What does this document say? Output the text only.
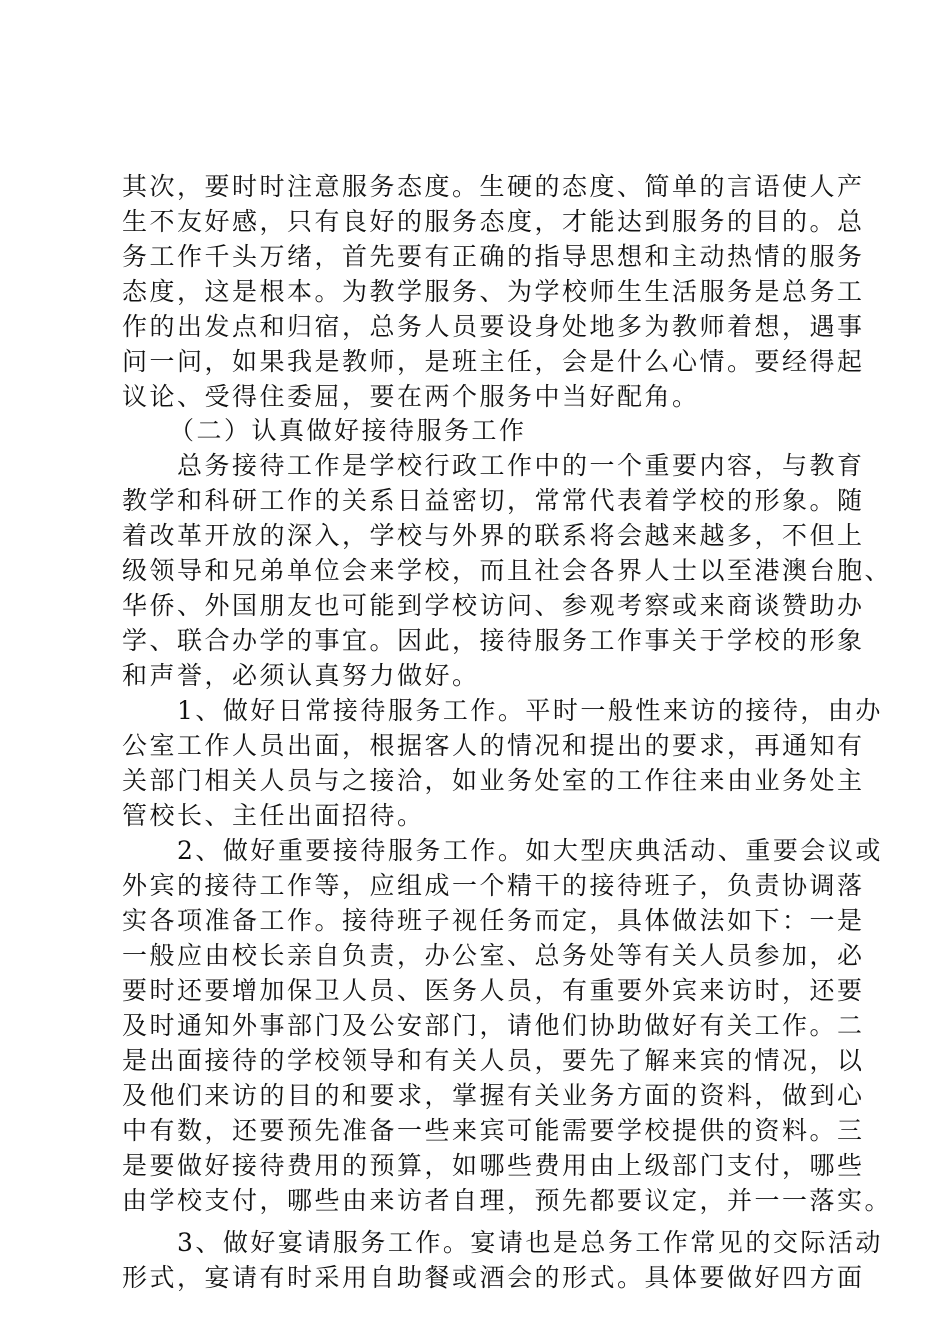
其次，要时时注意服务态度。生硬的态度、简单的言语使人产
生不友好感，只有良好的服务态度，才能达到服务的目的。总
务工作千头万绪，首先要有正确的指导思想和主动热情的服务
态度，这是根本。为教学服务、为学校师生生活服务是总务工
作的出发点和归宿，总务人员要设身处地多为教师着想，遇事
问一问，如果我是教师，是班主任，会是什么心情。要经得起
议论、受得住委屈，要在两个服务中当好配角。
（二）认真做好接待服务工作
总务接待工作是学校行政工作中的一个重要内容，与教育
教学和科研工作的关系日益密切，常常代表着学校的形象。随
着改革开放的深入，学校与外界的联系将会越来越多，不但上
级领导和兄弟单位会来学校，而且社会各界人士以至港澳台胞、
华侨、外国朋友也可能到学校访问、参观考察或来商谈赞助办
学、联合办学的事宜。因此，接待服务工作事关于学校的形象
和声誉，必须认真努力做好。
1、做好日常接待服务工作。平时一般性来访的接待，由办
公室工作人员出面，根据客人的情况和提出的要求，再通知有
关部门相关人员与之接洽，如业务处室的工作往来由业务处主
管校长、主任出面招待。
2、做好重要接待服务工作。如大型庆典活动、重要会议或
外宾的接待工作等，应组成一个精干的接待班子，负责协调落
实各项准备工作。接待班子视任务而定，具体做法如下：一是
一般应由校长亲自负责，办公室、总务处等有关人员参加，必
要时还要增加保卫人员、医务人员，有重要外宾来访时，还要
及时通知外事部门及公安部门，请他们协助做好有关工作。二
是出面接待的学校领导和有关人员，要先了解来宾的情况，以
及他们来访的目的和要求，掌握有关业务方面的资料，做到心
中有数，还要预先准备一些来宾可能需要学校提供的资料。三
是要做好接待费用的预算，如哪些费用由上级部门支付，哪些
由学校支付，哪些由来访者自理，预先都要议定，并一一落实。
3、做好宴请服务工作。宴请也是总务工作常见的交际活动
形式，宴请有时采用自助餐或酒会的形式。具体要做好四方面
